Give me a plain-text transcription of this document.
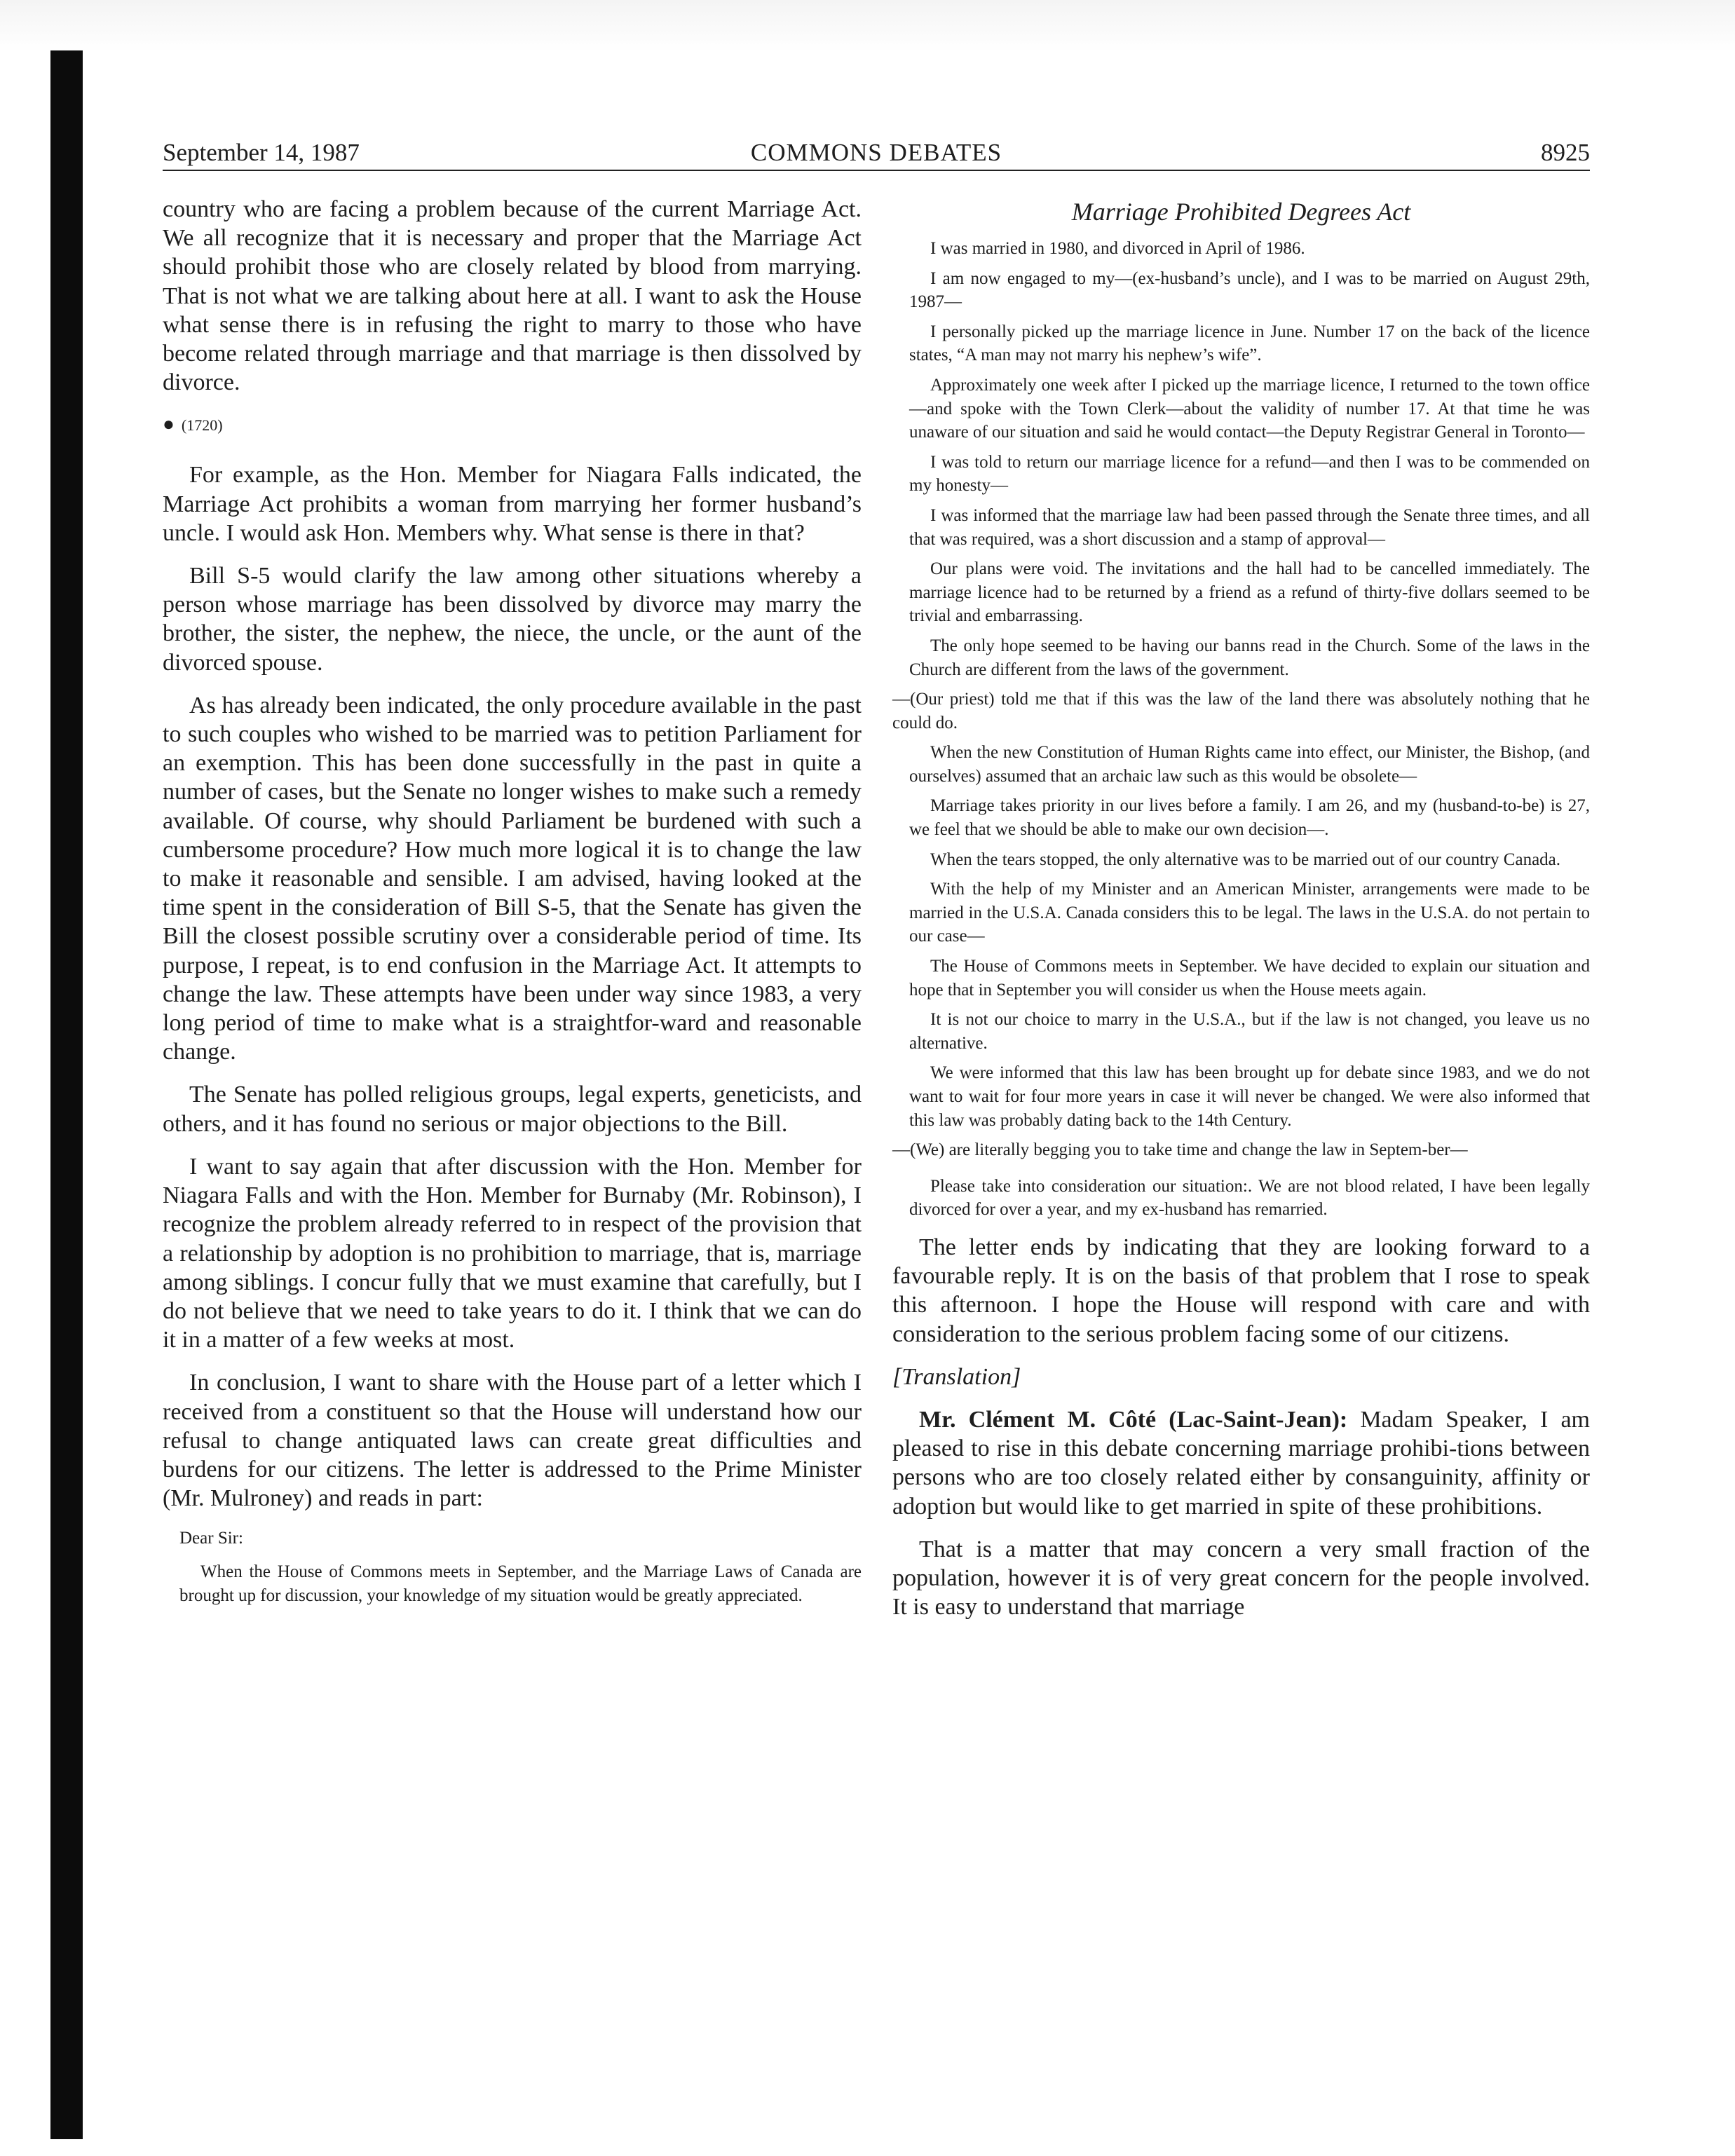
September 14, 1987	COMMONS DEBATES	8925

country who are facing a problem because of the current Marriage Act. We all recognize that it is necessary and proper that the Marriage Act should prohibit those who are closely related by blood from marrying. That is not what we are talking about here at all. I want to ask the House what sense there is in refusing the right to marry to those who have become related through marriage and that marriage is then dissolved by divorce.

● (1720)

For example, as the Hon. Member for Niagara Falls indicated, the Marriage Act prohibits a woman from marrying her former husband’s uncle. I would ask Hon. Members why. What sense is there in that?

Bill S-5 would clarify the law among other situations whereby a person whose marriage has been dissolved by divorce may marry the brother, the sister, the nephew, the niece, the uncle, or the aunt of the divorced spouse.

As has already been indicated, the only procedure available in the past to such couples who wished to be married was to petition Parliament for an exemption. This has been done successfully in the past in quite a number of cases, but the Senate no longer wishes to make such a remedy available. Of course, why should Parliament be burdened with such a cumbersome procedure? How much more logical it is to change the law to make it reasonable and sensible. I am advised, having looked at the time spent in the consideration of Bill S-5, that the Senate has given the Bill the closest possible scrutiny over a considerable period of time. Its purpose, I repeat, is to end confusion in the Marriage Act. It attempts to change the law. These attempts have been under way since 1983, a very long period of time to make what is a straightfor-ward and reasonable change.

The Senate has polled religious groups, legal experts, geneticists, and others, and it has found no serious or major objections to the Bill.

I want to say again that after discussion with the Hon. Member for Niagara Falls and with the Hon. Member for Burnaby (Mr. Robinson), I recognize the problem already referred to in respect of the provision that a relationship by adoption is no prohibition to marriage, that is, marriage among siblings. I concur fully that we must examine that carefully, but I do not believe that we need to take years to do it. I think that we can do it in a matter of a few weeks at most.

In conclusion, I want to share with the House part of a letter which I received from a constituent so that the House will understand how our refusal to change antiquated laws can create great difficulties and burdens for our citizens. The letter is addressed to the Prime Minister (Mr. Mulroney) and reads in part:

Dear Sir:

When the House of Commons meets in September, and the Marriage Laws of Canada are brought up for discussion, your knowledge of my situation would be greatly appreciated.

Marriage Prohibited Degrees Act

I was married in 1980, and divorced in April of 1986.

I am now engaged to my—(ex-husband’s uncle), and I was to be married on August 29th, 1987—

I personally picked up the marriage licence in June. Number 17 on the back of the licence states, “A man may not marry his nephew’s wife”.

Approximately one week after I picked up the marriage licence, I returned to the town office—and spoke with the Town Clerk—about the validity of number 17. At that time he was unaware of our situation and said he would contact—the Deputy Registrar General in Toronto—

I was told to return our marriage licence for a refund—and then I was to be commended on my honesty—

I was informed that the marriage law had been passed through the Senate three times, and all that was required, was a short discussion and a stamp of approval—

Our plans were void. The invitations and the hall had to be cancelled immediately. The marriage licence had to be returned by a friend as a refund of thirty-five dollars seemed to be trivial and embarrassing.

The only hope seemed to be having our banns read in the Church. Some of the laws in the Church are different from the laws of the government.

—(Our priest) told me that if this was the law of the land there was absolutely nothing that he could do.

When the new Constitution of Human Rights came into effect, our Minister, the Bishop, (and ourselves) assumed that an archaic law such as this would be obsolete—

Marriage takes priority in our lives before a family. I am 26, and my (husband-to-be) is 27, we feel that we should be able to make our own decision—.

When the tears stopped, the only alternative was to be married out of our country Canada.

With the help of my Minister and an American Minister, arrangements were made to be married in the U.S.A. Canada considers this to be legal. The laws in the U.S.A. do not pertain to our case—

The House of Commons meets in September. We have decided to explain our situation and hope that in September you will consider us when the House meets again.

It is not our choice to marry in the U.S.A., but if the law is not changed, you leave us no alternative.

We were informed that this law has been brought up for debate since 1983, and we do not want to wait for four more years in case it will never be changed. We were also informed that this law was probably dating back to the 14th Century.

—(We) are literally begging you to take time and change the law in Septem-ber—

Please take into consideration our situation:. We are not blood related, I have been legally divorced for over a year, and my ex-husband has remarried.

The letter ends by indicating that they are looking forward to a favourable reply. It is on the basis of that problem that I rose to speak this afternoon. I hope the House will respond with care and with consideration to the serious problem facing some of our citizens.

[Translation]

Mr. Clément M. Côté (Lac-Saint-Jean): Madam Speaker, I am pleased to rise in this debate concerning marriage prohibi-tions between persons who are too closely related either by consanguinity, affinity or adoption but would like to get married in spite of these prohibitions.

That is a matter that may concern a very small fraction of the population, however it is of very great concern for the people involved. It is easy to understand that marriage
